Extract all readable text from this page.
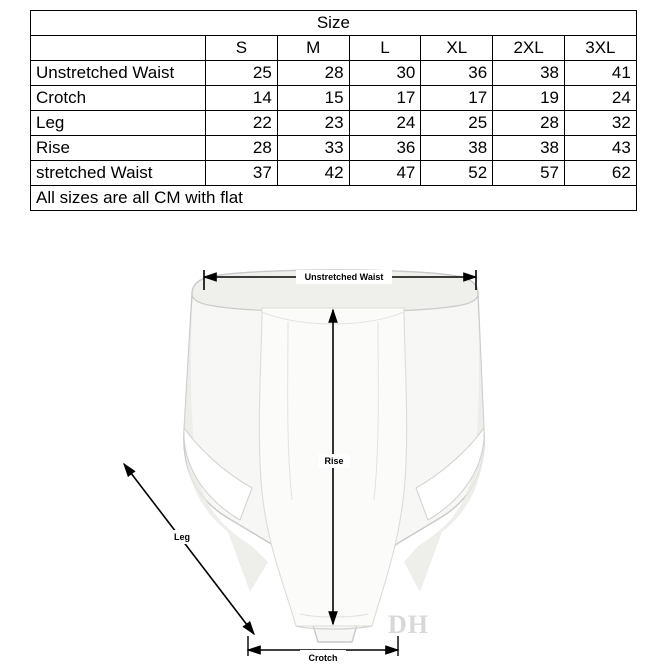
Size						
	S	M	L	XL	2XL	3XL
Unstretched Waist	25	28	30	36	38	41
Crotch	14	15	17	17	19	24
Leg	22	23	24	25	28	32
Rise	28	33	36	38	38	43
stretched Waist	37	42	47	52	57	62
All sizes are all CM with flat						
Unstretched Waist
Rise
Leg
Crotch
DH
